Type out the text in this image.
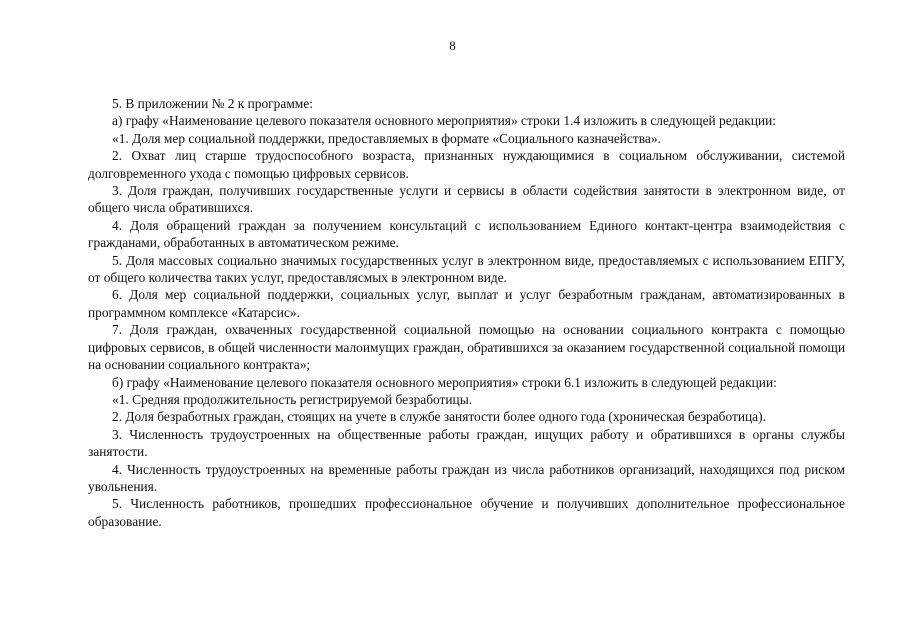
8

5. В приложении № 2 к программе:

а) графу «Наименование целевого показателя основного мероприятия» строки 1.4 изложить в следующей редакции:

«1. Доля мер социальной поддержки, предоставляемых в формате «Социального казначейства».

2. Охват лиц старше трудоспособного возраста, признанных нуждающимися в социальном обслуживании, системой долговременного ухода с помощью цифровых сервисов.

3. Доля граждан, получивших государственные услуги и сервисы в области содействия занятости в электронном виде, от общего числа обратившихся.

4. Доля обращений граждан за получением консультаций с использованием Единого контакт-центра взаимодействия с гражданами, обработанных в автоматическом режиме.

5. Доля массовых социально значимых государственных услуг в электронном виде, предоставляемых с использованием ЕПГУ, от общего количества таких услуг, предоставлясмых в электронном виде.

6. Доля мер социальной поддержки, социальных услуг, выплат и услуг безработным гражданам, автоматизированных в программном комплексе «Катарсис».

7. Доля граждан, охваченных государственной социальной помощью на основании социального контракта с помощью цифровых сервисов, в общей численности малоимущих граждан, обратившихся за оказанием государственной социальной помощи на основании социального контракта»;

б) графу «Наименование целевого показателя основного мероприятия» строки 6.1 изложить в следующей редакции:

«1. Средняя продолжительность регистрируемой безработицы.

2. Доля безработных граждан, стоящих на учете в службе занятости более одного года (хроническая безработица).

3. Численность трудоустроенных на общественные работы граждан, ищущих работу и обратившихся в органы службы занятости.

4. Численность трудоустроенных на временные работы граждан из числа работников организаций, находящихся под риском увольнения.

5. Численность работников, прошедших профессиональное обучение и получивших дополнительное профессиональное образование.
